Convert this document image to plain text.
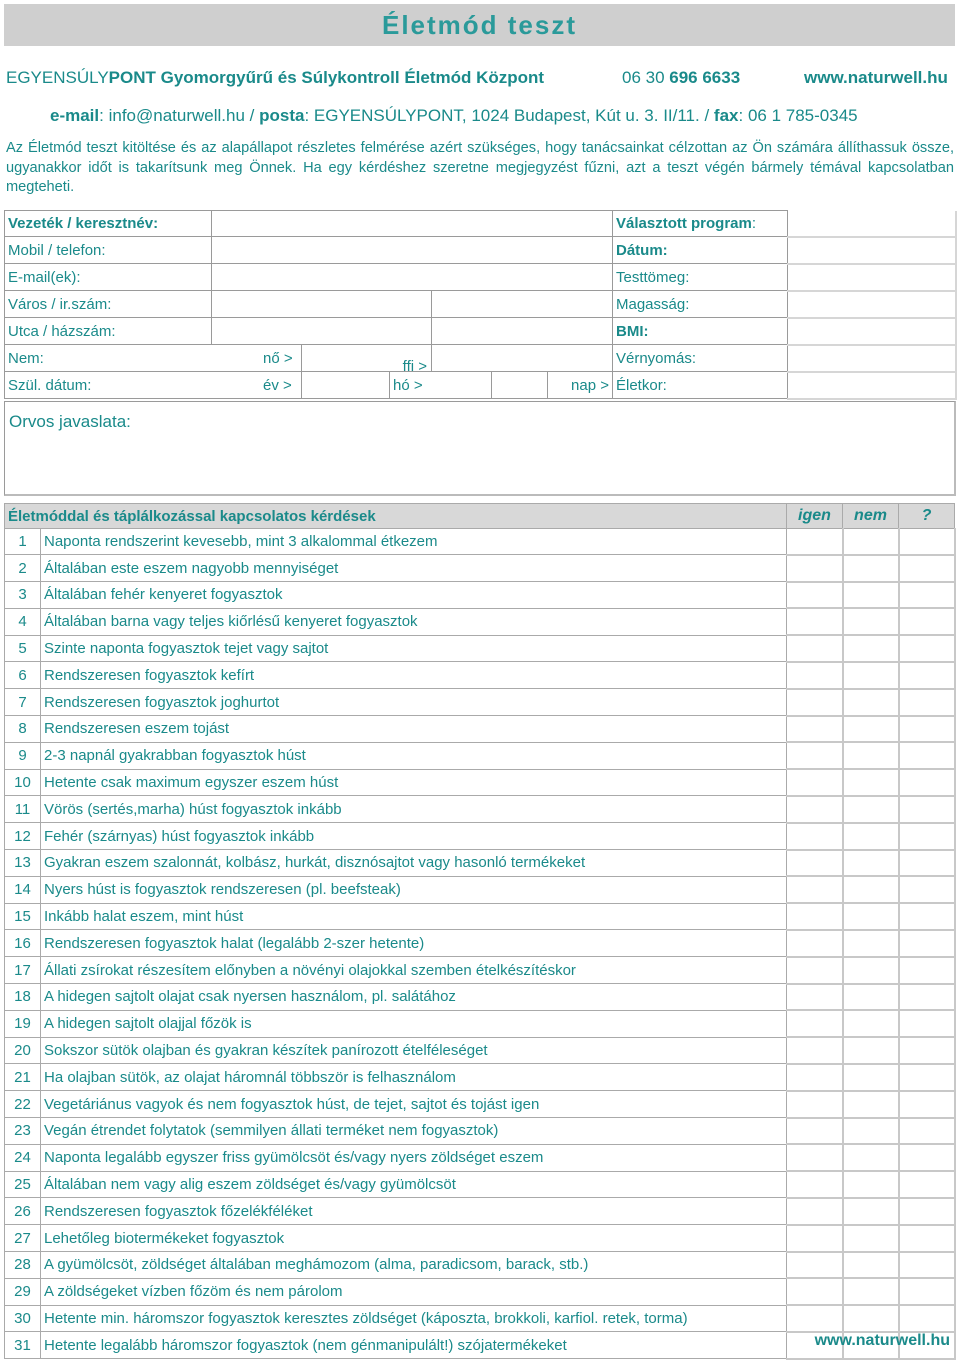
Életmód teszt
EGYENSÚLYPONT Gyomorgyűrű és Súlykontroll Életmód Központ	06 30 696 6633	www.naturwell.hu
e-mail: info@naturwell.hu / posta: EGYENSÚLYPONT, 1024 Budapest, Kút u. 3. II/11. / fax: 06 1 785-0345
Az Életmód teszt kitöltése és az alapállapot részletes felmérése azért szükséges, hogy tanácsainkat célzottan az Ön számára állíthassuk össze, ugyanakkor időt is takarítsunk meg Önnek. Ha egy kérdéshez szeretne megjegyzést fűzni, azt a teszt végén bármely témával kapcsolatban megteheti.
Vezeték / keresztnév:							Választott program:	
Mobil / telefon:							Dátum:	
E-mail(ek):							Testtömeg:	
Város / ir.szám:							Magasság:	
Utca / házszám:							BMI:	
Nem: nő >		ffi >					Vérnyomás:	
Szül. dátum: év >			hó >			nap >	Életkor:	
Orvos javaslata:
Életmóddal és táplálkozással kapcsolatos kérdések		igen	nem	?
1	Naponta rendszerint kevesebb, mint 3 alkalommal étkezem			
2	Általában este eszem nagyobb mennyiséget			
3	Általában fehér kenyeret fogyasztok			
4	Általában barna vagy teljes kiőrlésű kenyeret fogyasztok			
5	Szinte naponta fogyasztok tejet vagy sajtot			
6	Rendszeresen fogyasztok kefírt			
7	Rendszeresen fogyasztok joghurtot			
8	Rendszeresen eszem tojást			
9	2-3 napnál gyakrabban fogyasztok húst			
10	Hetente csak maximum egyszer eszem húst			
11	Vörös (sertés,marha) húst fogyasztok inkább			
12	Fehér (szárnyas) húst fogyasztok inkább			
13	Gyakran eszem szalonnát, kolbász, hurkát, disznósajtot vagy hasonló termékeket			
14	Nyers húst is fogyasztok rendszeresen (pl. beefsteak)			
15	Inkább halat eszem, mint húst			
16	Rendszeresen fogyasztok halat (legalább 2-szer hetente)			
17	Állati zsírokat részesítem előnyben a növényi olajokkal szemben ételkészítéskor			
18	A hidegen sajtolt olajat csak nyersen használom, pl. salátához			
19	A hidegen sajtolt olajjal főzök is			
20	Sokszor sütök olajban és gyakran készítek panírozott ételféleséget			
21	Ha olajban sütök, az olajat háromnál többször is felhasználom			
22	Vegetáriánus vagyok és nem fogyasztok húst, de tejet, sajtot és tojást igen			
23	Vegán étrendet folytatok (semmilyen állati terméket nem fogyasztok)			
24	Naponta legalább egyszer friss gyümölcsöt és/vagy nyers zöldséget eszem			
25	Általában nem vagy alig eszem zöldséget és/vagy gyümölcsöt			
26	Rendszeresen fogyasztok főzelékféléket			
27	Lehetőleg biotermékeket fogyasztok			
28	A gyümölcsöt, zöldséget általában meghámozom (alma, paradicsom, barack, stb.)			
29	A zöldségeket vízben főzöm és nem párolom			
30	Hetente min. háromszor fogyasztok keresztes zöldséget (káposzta, brokkoli, karfiol. retek, torma)			
31	Hetente legalább háromszor fogyasztok (nem génmanipulált!) szójatermékeket				www.naturwell.hu
